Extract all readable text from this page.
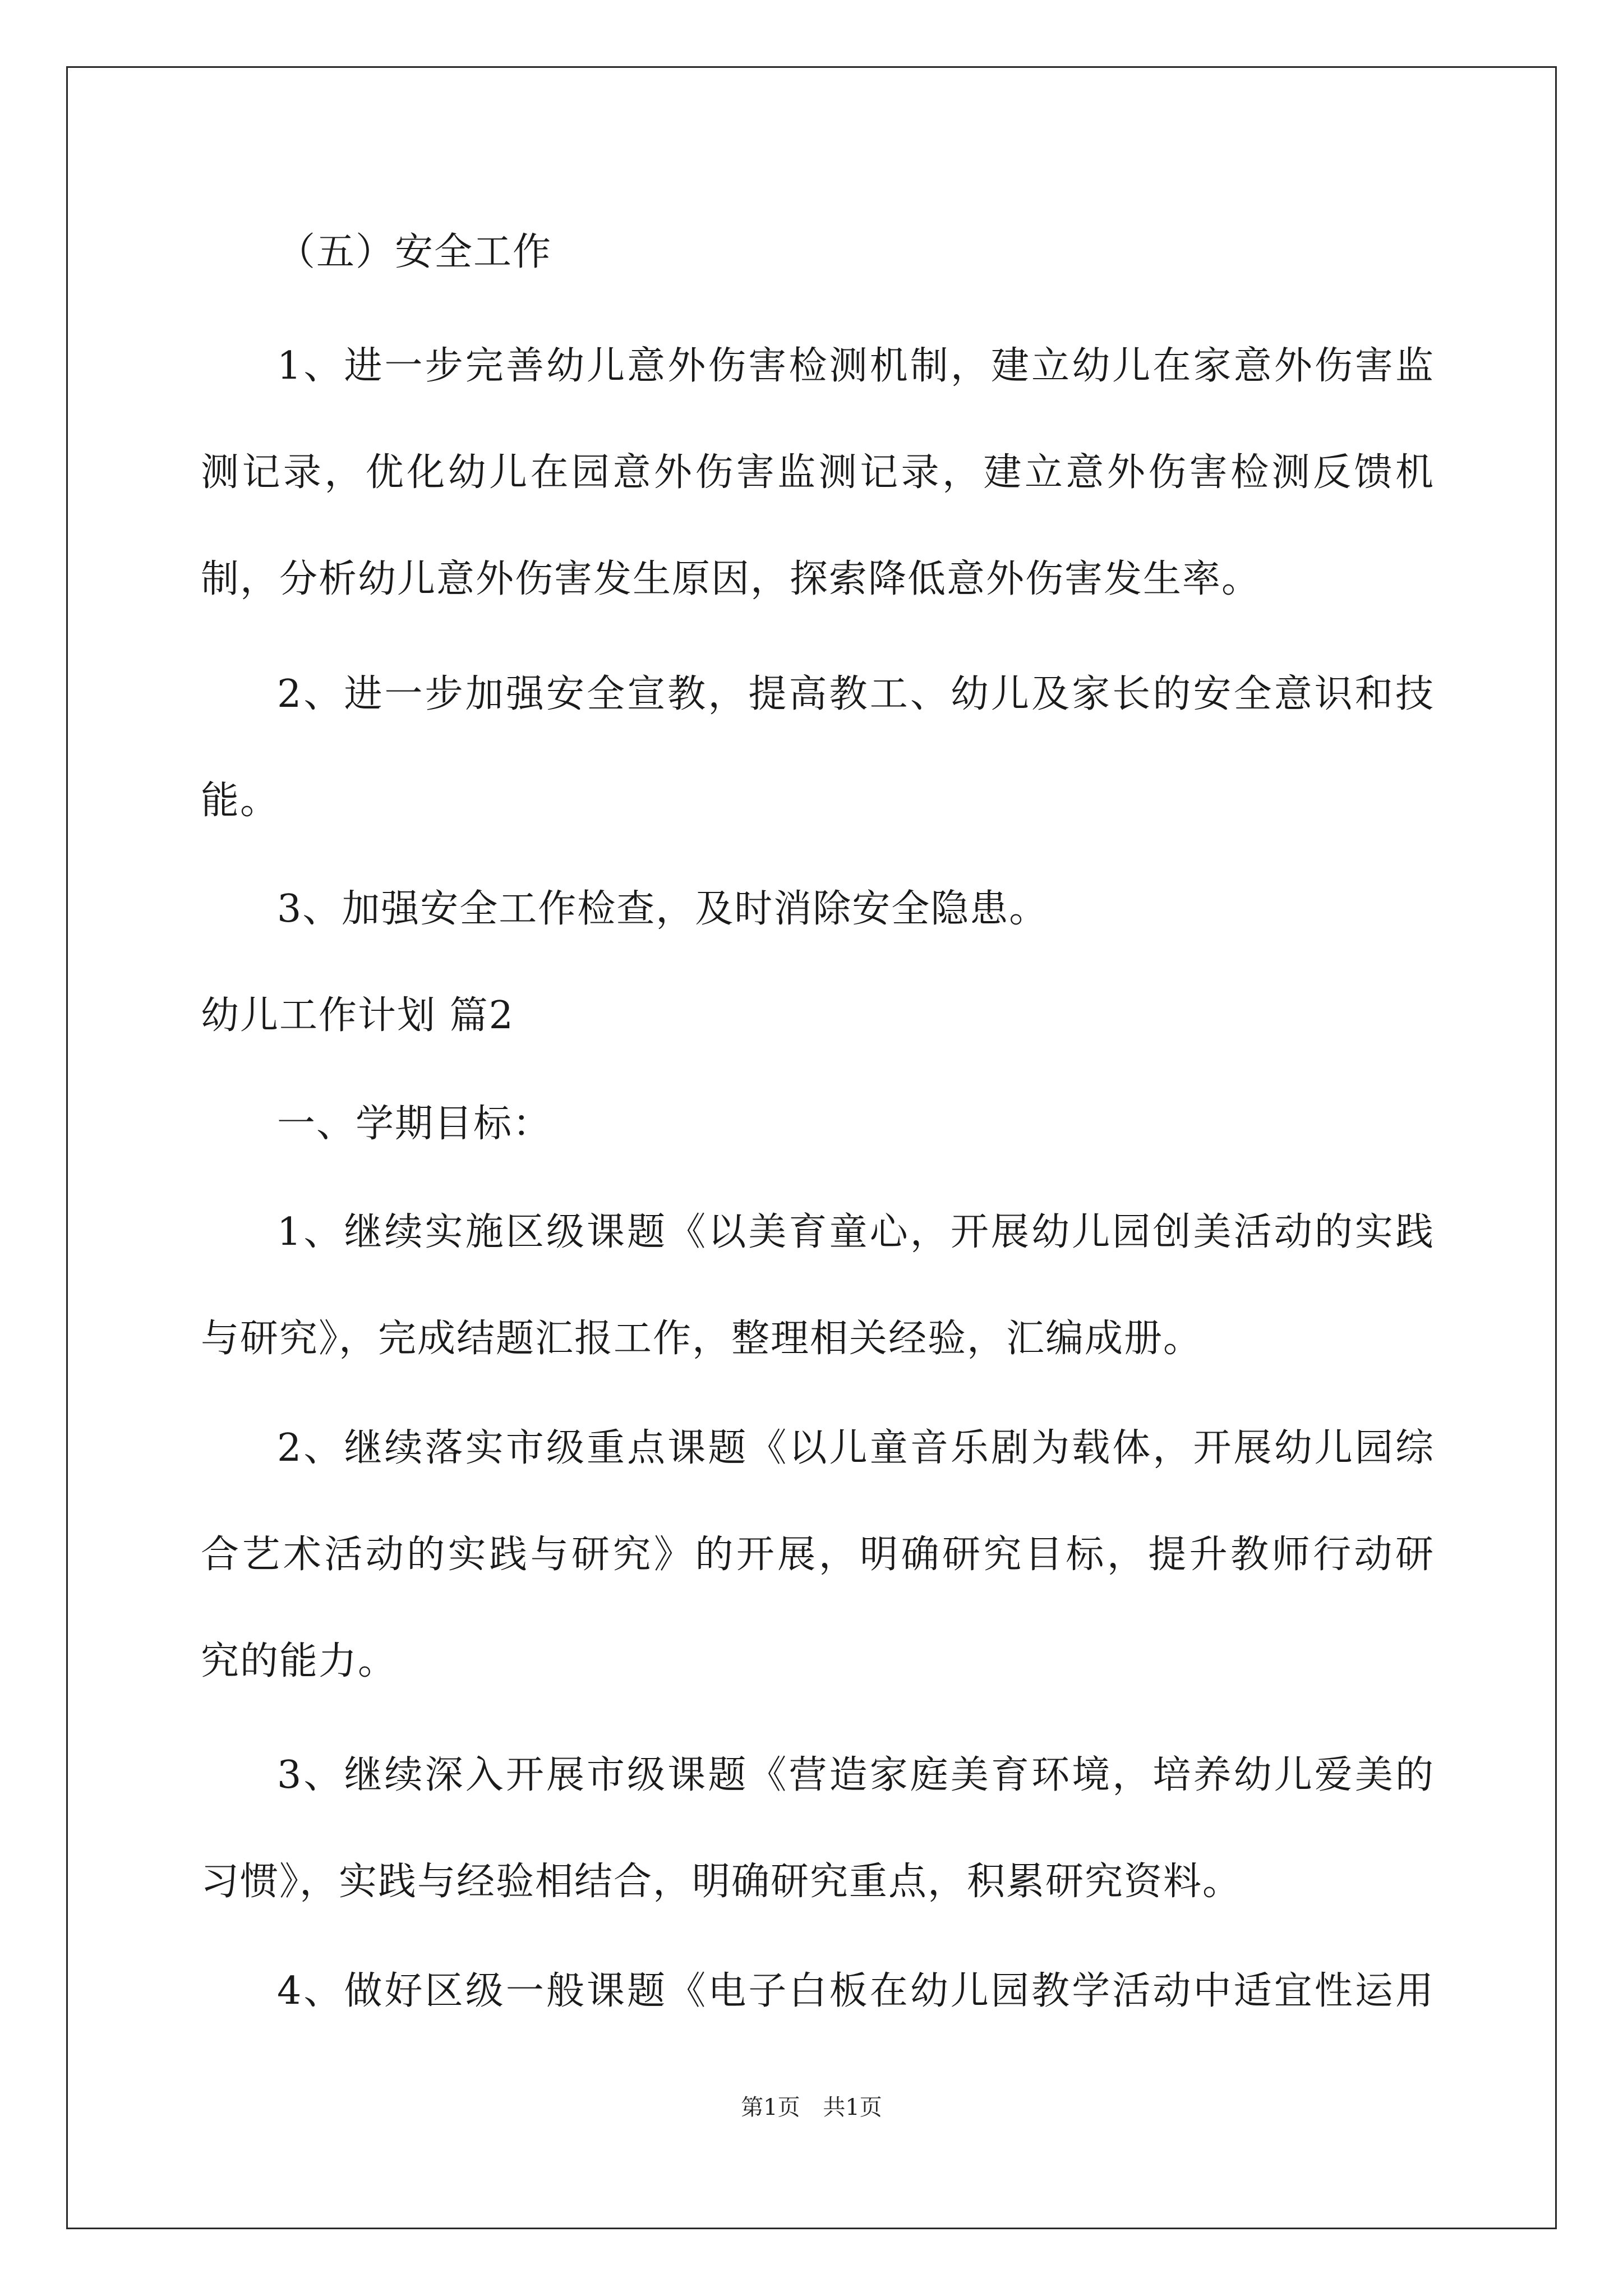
（五）安全工作
1、进一步完善幼儿意外伤害检测机制，建立幼儿在家意外伤害监
测记录，优化幼儿在园意外伤害监测记录，建立意外伤害检测反馈机
制，分析幼儿意外伤害发生原因，探索降低意外伤害发生率。
2、进一步加强安全宣教，提高教工、幼儿及家长的安全意识和技
能。
3、加强安全工作检查，及时消除安全隐患。
幼儿工作计划 篇2
一、学期目标：
1、继续实施区级课题《以美育童心，开展幼儿园创美活动的实践
与研究》，完成结题汇报工作，整理相关经验，汇编成册。
2、继续落实市级重点课题《以儿童音乐剧为载体，开展幼儿园综
合艺术活动的实践与研究》的开展，明确研究目标，提升教师行动研
究的能力。
3、继续深入开展市级课题《营造家庭美育环境，培养幼儿爱美的
习惯》，实践与经验相结合，明确研究重点，积累研究资料。
4、做好区级一般课题《电子白板在幼儿园教学活动中适宜性运用
第1页 共1页
